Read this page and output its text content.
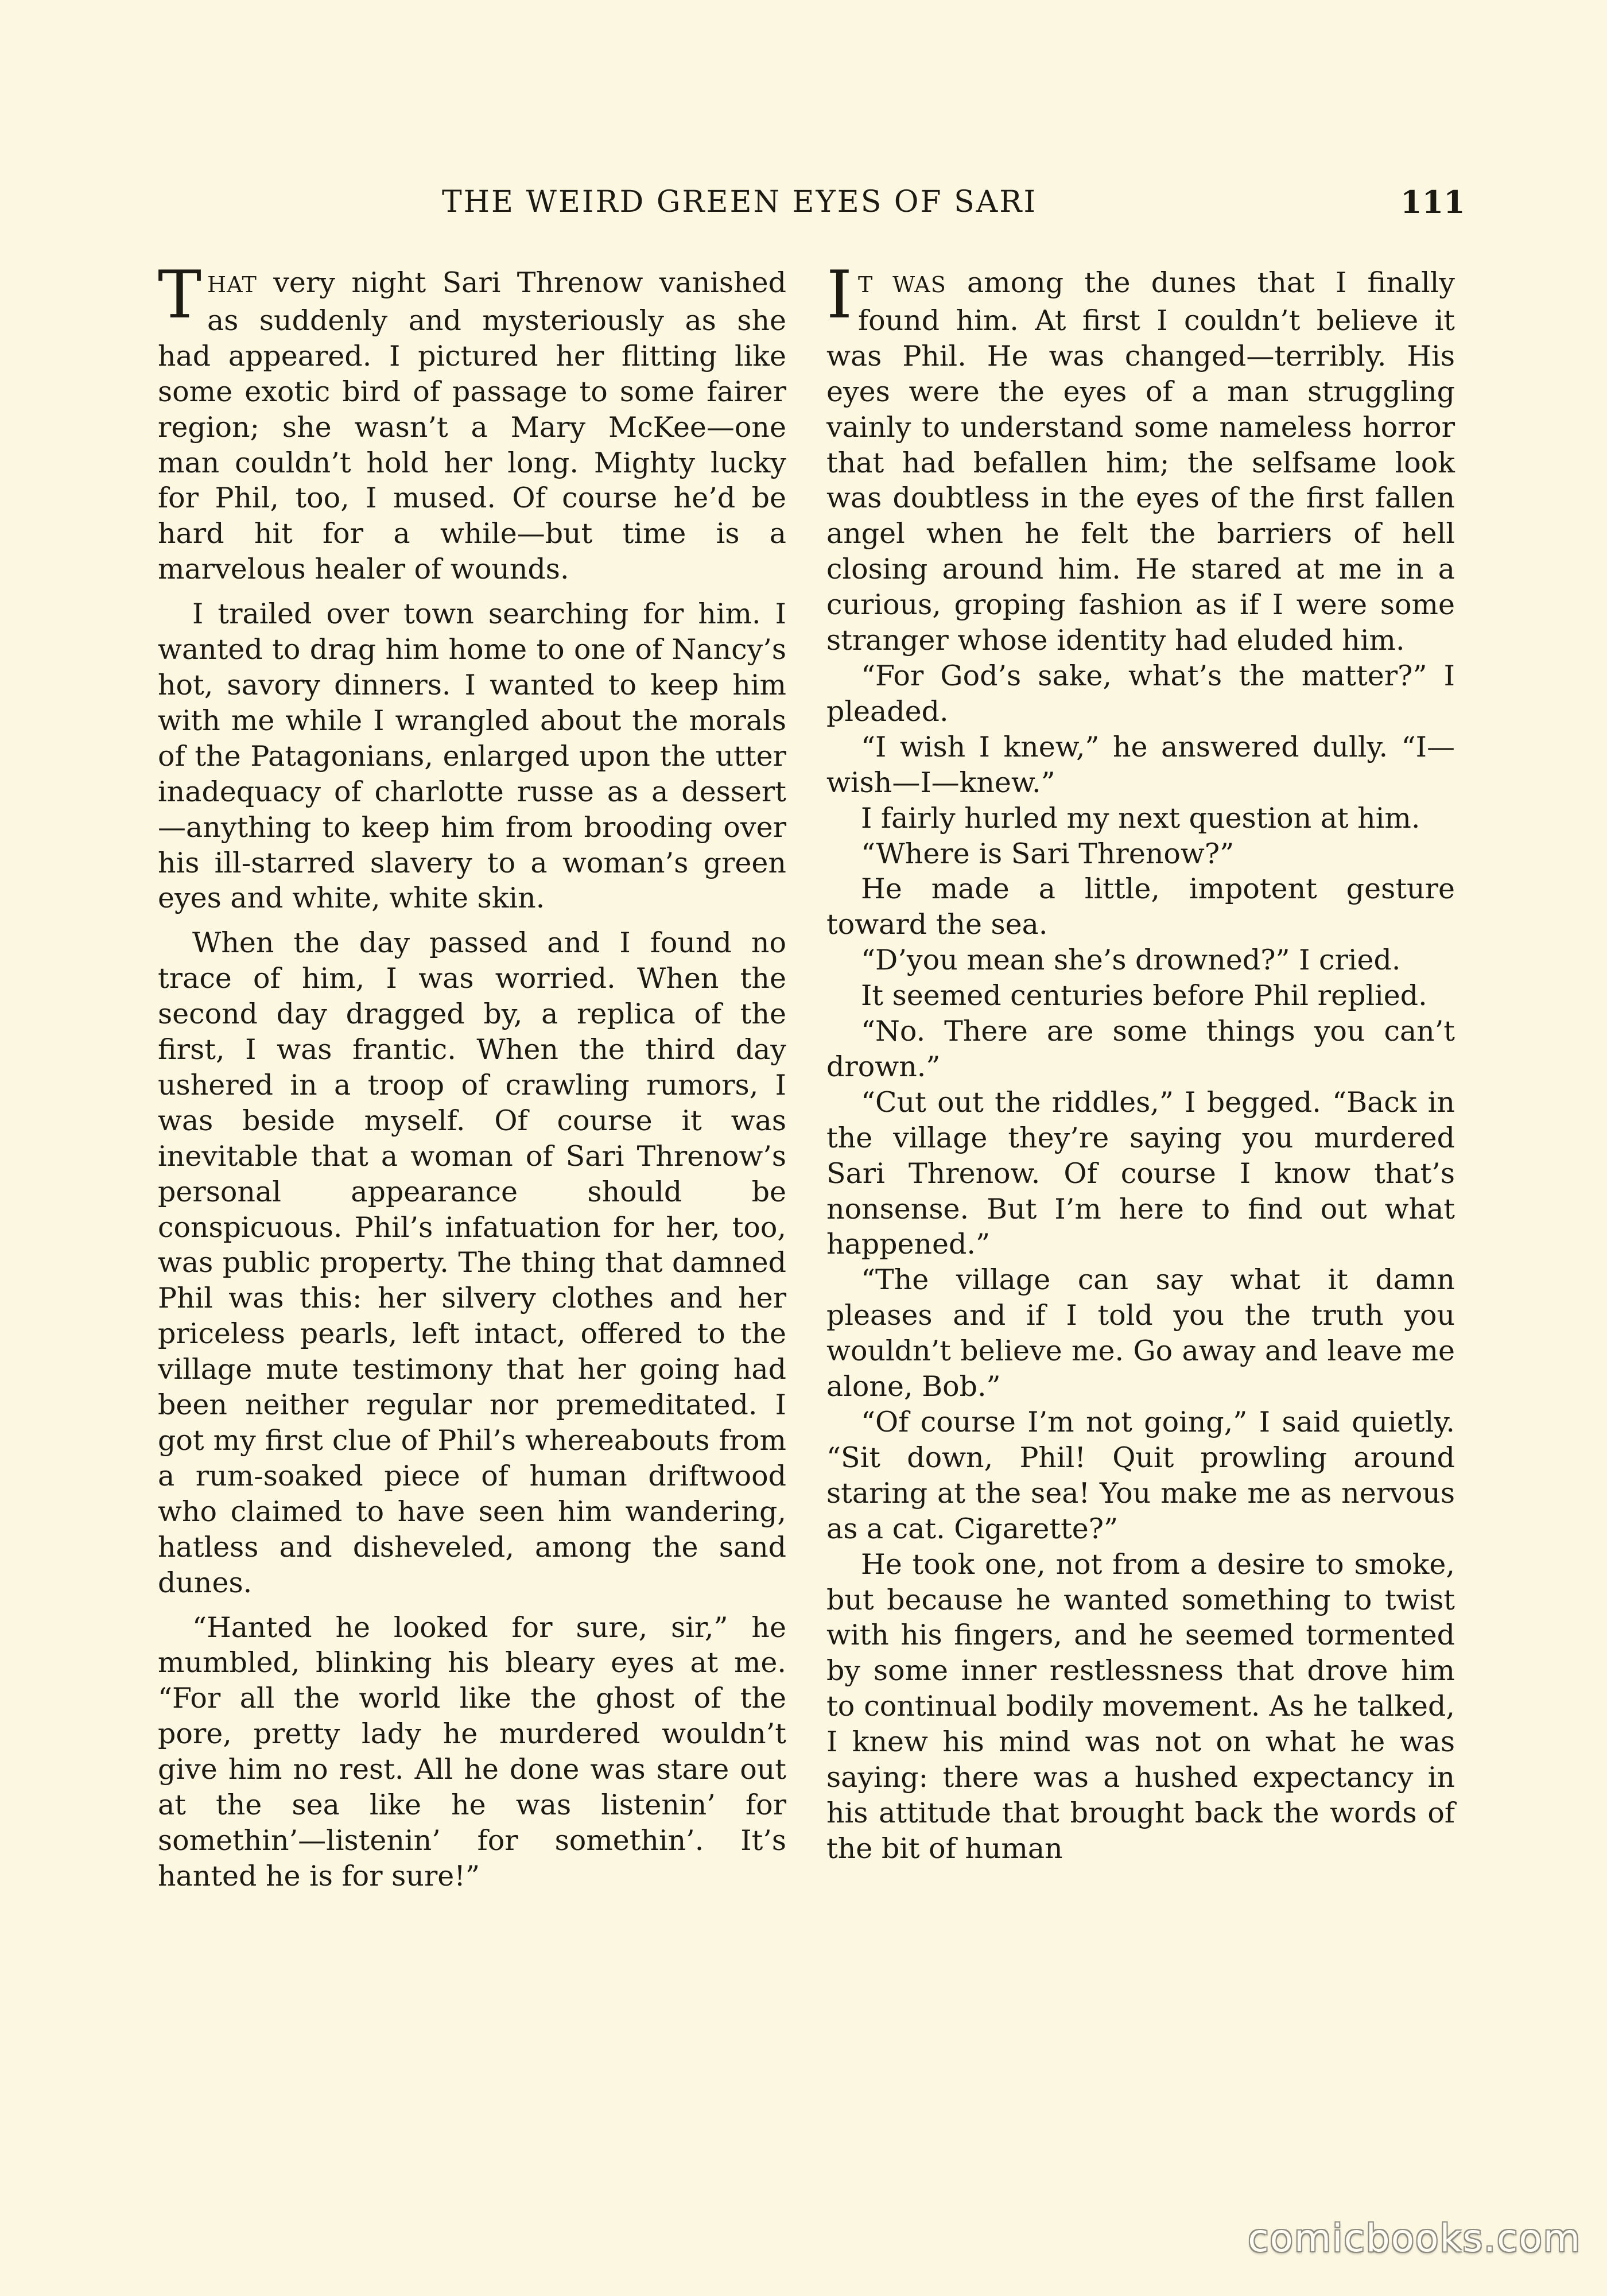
THE WEIRD GREEN EYES OF SARI	111

THAT very night Sari Threnow vanished as suddenly and mysteriously as she had appeared. I pictured her flitting like some exotic bird of passage to some fairer region; she wasn’t a Mary McKee—one man couldn’t hold her long. Mighty lucky for Phil, too, I mused. Of course he’d be hard hit for a while—but time is a marvelous healer of wounds.

I trailed over town searching for him. I wanted to drag him home to one of Nancy’s hot, savory dinners. I wanted to keep him with me while I wrangled about the morals of the Patagonians, enlarged upon the utter inadequacy of charlotte russe as a dessert—anything to keep him from brooding over his ill-starred slavery to a woman’s green eyes and white, white skin.

When the day passed and I found no trace of him, I was worried. When the second day dragged by, a replica of the first, I was frantic. When the third day ushered in a troop of crawling rumors, I was beside myself. Of course it was inevitable that a woman of Sari Threnow’s personal appearance should be conspicuous. Phil’s infatuation for her, too, was public property. The thing that damned Phil was this: her silvery clothes and her priceless pearls, left intact, offered to the village mute testimony that her going had been neither regular nor premeditated. I got my first clue of Phil’s whereabouts from a rum-soaked piece of human driftwood who claimed to have seen him wandering, hatless and disheveled, among the sand dunes.

“Hanted he looked for sure, sir,” he mumbled, blinking his bleary eyes at me. “For all the world like the ghost of the pore, pretty lady he murdered wouldn’t give him no rest. All he done was stare out at the sea like he was listenin’ for somethin’—listenin’ for somethin’. It’s hanted he is for sure!”

I T WAS among the dunes that I finally found him. At first I couldn’t believe it was Phil. He was changed—terribly. His eyes were the eyes of a man struggling vainly to understand some nameless horror that had befallen him; the selfsame look was doubtless in the eyes of the first fallen angel when he felt the barriers of hell closing around him. He stared at me in a curious, groping fashion as if I were some stranger whose identity had eluded him.

“For God’s sake, what’s the matter?” I pleaded.

“I wish I knew,” he answered dully. “I—wish—I—knew.”

I fairly hurled my next question at him.

“Where is Sari Threnow?”

He made a little, impotent gesture toward the sea.

“D’you mean she’s drowned?” I cried.

It seemed centuries before Phil replied.

“No. There are some things you can’t drown.”

“Cut out the riddles,” I begged. “Back in the village they’re saying you murdered Sari Threnow. Of course I know that’s nonsense. But I’m here to find out what happened.”

“The village can say what it damn pleases and if I told you the truth you wouldn’t believe me. Go away and leave me alone, Bob.”

“Of course I’m not going,” I said quietly. “Sit down, Phil! Quit prowling around staring at the sea! You make me as nervous as a cat. Cigarette?”

He took one, not from a desire to smoke, but because he wanted something to twist with his fingers, and he seemed tormented by some inner restlessness that drove him to continual bodily movement. As he talked, I knew his mind was not on what he was saying: there was a hushed expectancy in his attitude that brought back the words of the bit of human

comicbooks.com
